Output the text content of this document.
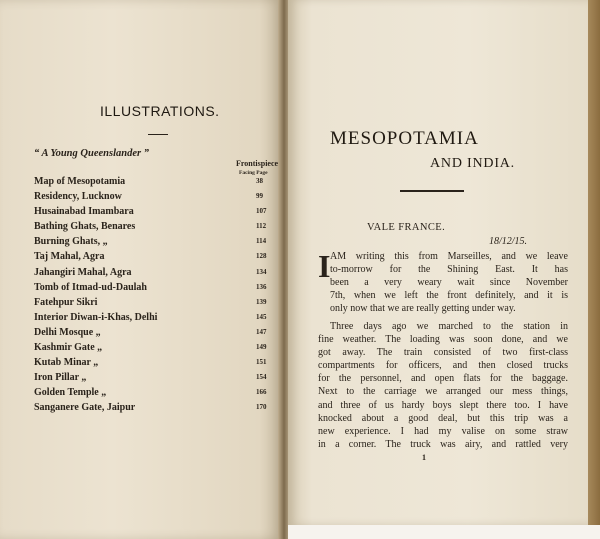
ILLUSTRATIONS.
“ A Young Queenslander ”
Frontispiece
Facing Page
Map of Mesopotamia	38
Residency, Lucknow	99
Husainabad Imambara	107
Bathing Ghats, Benares	112
Burning Ghats, „	114
Taj Mahal, Agra	128
Jahangiri Mahal, Agra	134
Tomb of Itmad-ud-Daulah	136
Fatehpur Sikri	139
Interior Diwan-i-Khas, Delhi	145
Delhi Mosque „	147
Kashmir Gate „	149
Kutab Minar „	151
Iron Pillar „	154
Golden Temple „	166
Sanganere Gate, Jaipur	170
MESOPOTAMIA
AND INDIA.
VALE FRANCE.
18/12/15.
I AM writing this from Marseilles, and we leave
to-morrow for the Shining East. It has
been a very weary wait since November
7th, when we left the front definitely, and it is
only now that we are really getting under way.
Three days ago we marched to the station in
fine weather. The loading was soon done, and we
got away. The train consisted of two first-class
compartments for officers, and then closed trucks
for the personnel, and open flats for the baggage.
Next to the carriage we arranged our mess things,
and three of us hardy boys slept there too. I have
knocked about a good deal, but this trip was a
new experience. I had my valise on some straw
in a corner. The truck was airy, and rattled very
1
